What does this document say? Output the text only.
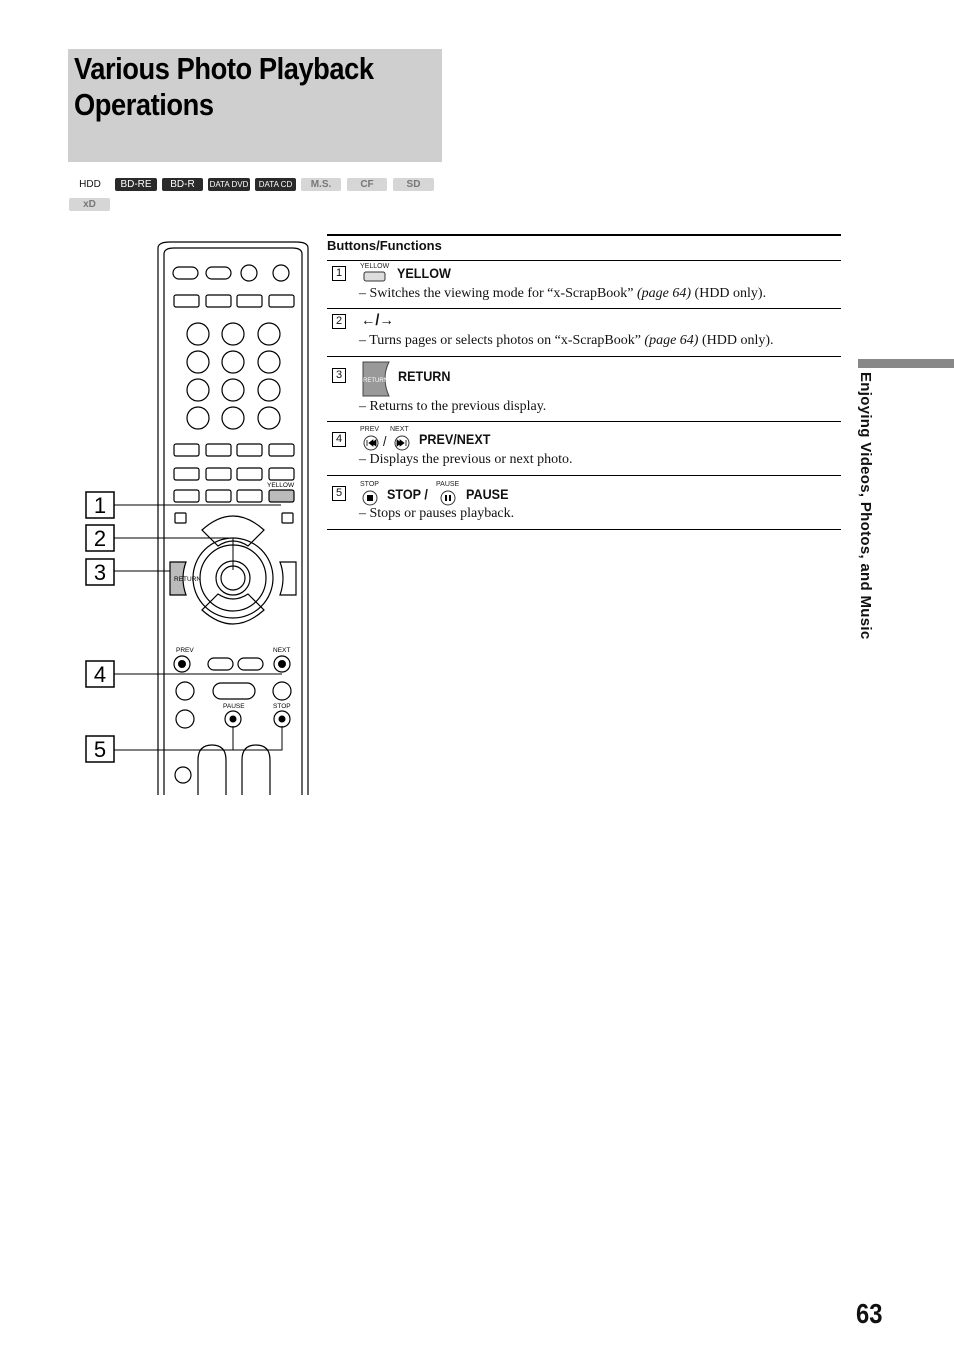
Various Photo Playback Operations
HDD	BD-RE	BD-R	DATA DVD	DATA CD	M.S.	CF	SD
xD
YELLOW
RETURN
PREV	NEXT
PAUSE	STOP
1
2
3
4
5
Buttons/Functions
1
YELLOW YELLOW
– Switches the viewing mode for “x-ScrapBook” (page 64) (HDD only).
2 ←/→
– Turns pages or selects photos on “x-ScrapBook” (page 64) (HDD only).
3	RETURN RETURN
– Returns to the previous display.
4
PREV NEXT
/ PREV/NEXT
– Displays the previous or next photo.
5
STOP
STOP /
PAUSE
PAUSE
– Stops or pauses playback.	Enjoying Videos, Photos, and Music
63
